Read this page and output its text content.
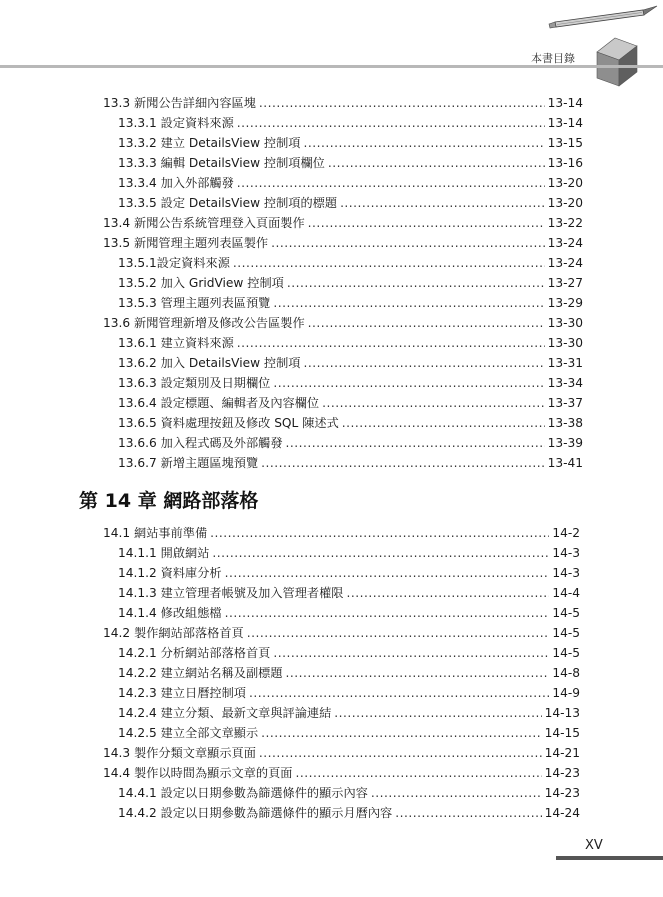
本書目錄
13.3 新聞公告詳細內容區塊 .....	13-14
13.3.1 設定資料來源 .....	13-14
13.3.2 建立 DetailsView 控制項 .....	13-15
13.3.3 編輯 DetailsView 控制項欄位 .....	13-16
13.3.4 加入外部觸發 .....	13-20
13.3.5 設定 DetailsView 控制項的標題 .....	13-20
13.4 新聞公告系統管理登入頁面製作 .....	13-22
13.5 新聞管理主題列表區製作 .....	13-24
13.5.1設定資料來源 .....	13-24
13.5.2 加入 GridView 控制項 .....	13-27
13.5.3 管理主題列表區預覽 .....	13-29
13.6 新聞管理新增及修改公告區製作 .....	13-30
13.6.1 建立資料來源 .....	13-30
13.6.2 加入 DetailsView 控制項 .....	13-31
13.6.3 設定類別及日期欄位 .....	13-34
13.6.4 設定標題、編輯者及內容欄位 .....	13-37
13.6.5 資料處理按鈕及修改 SQL 陳述式 .....	13-38
13.6.6 加入程式碼及外部觸發 .....	13-39
13.6.7 新增主題區塊預覽 .....	13-41
第 14 章 網路部落格
14.1 網站事前準備 .....	14-2
14.1.1 開啟網站 .....	14-3
14.1.2 資料庫分析 .....	14-3
14.1.3 建立管理者帳號及加入管理者權限 .....	14-4
14.1.4 修改組態檔 .....	14-5
14.2 製作網站部落格首頁 .....	14-5
14.2.1 分析網站部落格首頁 .....	14-5
14.2.2 建立網站名稱及副標題 .....	14-8
14.2.3 建立日曆控制項 .....	14-9
14.2.4 建立分類、最新文章與評論連結 .....	14-13
14.2.5 建立全部文章顯示 .....	14-15
14.3 製作分類文章顯示頁面 .....	14-21
14.4 製作以時間為顯示文章的頁面 .....	14-23
14.4.1 設定以日期參數為篩選條件的顯示內容 .....	14-23
14.4.2 設定以日期參數為篩選條件的顯示月曆內容 .....	14-24
XV
